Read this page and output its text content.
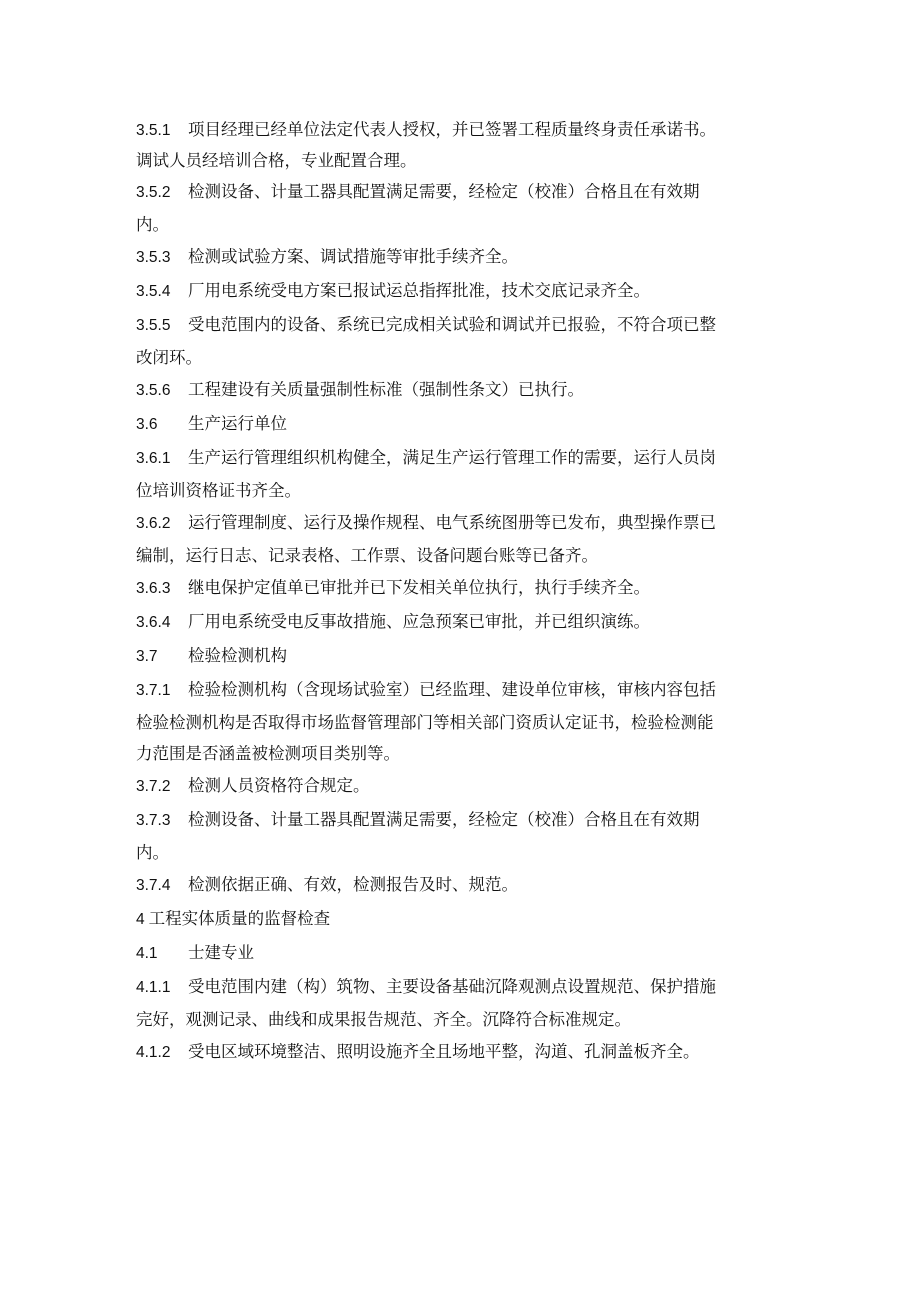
3.5.1 项目经理已经单位法定代表人授权，并已签署工程质量终身责任承诺书。
调试人员经培训合格，专业配置合理。
3.5.2 检测设备、计量工器具配置满足需要，经检定（校准）合格且在有效期
内。
3.5.3 检测或试验方案、调试措施等审批手续齐全。
3.5.4 厂用电系统受电方案已报试运总指挥批准，技术交底记录齐全。
3.5.5 受电范围内的设备、系统已完成相关试验和调试并已报验，不符合项已整
改闭环。
3.5.6 工程建设有关质量强制性标准（强制性条文）已执行。
3.6 生产运行单位
3.6.1 生产运行管理组织机构健全，满足生产运行管理工作的需要，运行人员岗
位培训资格证书齐全。
3.6.2 运行管理制度、运行及操作规程、电气系统图册等已发布，典型操作票已
编制，运行日志、记录表格、工作票、设备问题台账等已备齐。
3.6.3 继电保护定值单已审批并已下发相关单位执行，执行手续齐全。
3.6.4 厂用电系统受电反事故措施、应急预案已审批，并已组织演练。
3.7 检验检测机构
3.7.1 检验检测机构（含现场试验室）已经监理、建设单位审核，审核内容包括
检验检测机构是否取得市场监督管理部门等相关部门资质认定证书，检验检测能
力范围是否涵盖被检测项目类别等。
3.7.2 检测人员资格符合规定。
3.7.3 检测设备、计量工器具配置满足需要，经检定（校准）合格且在有效期
内。
3.7.4 检测依据正确、有效，检测报告及时、规范。
4 工程实体质量的监督检查
4.1 士建专业
4.1.1 受电范围内建（构）筑物、主要设备基础沉降观测点设置规范、保护措施
完好，观测记录、曲线和成果报告规范、齐全。沉降符合标准规定。
4.1.2 受电区域环境整洁、照明设施齐全且场地平整，沟道、孔洞盖板齐全。
